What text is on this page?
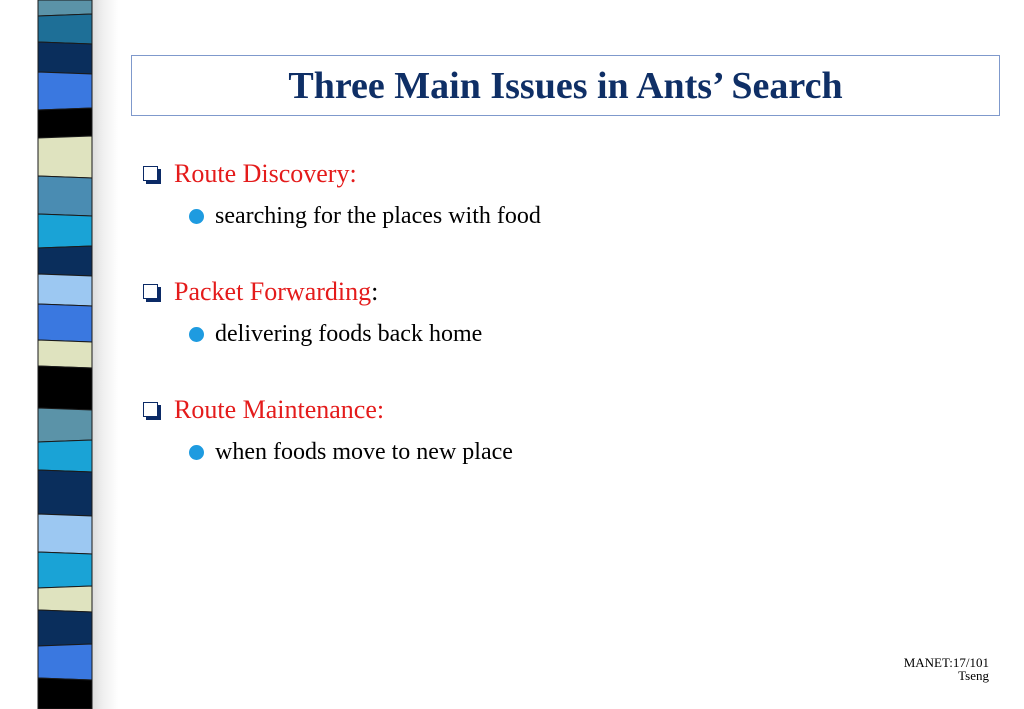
Three Main Issues in Ants’ Search
Route Discovery:
searching for the places with food
Packet Forwarding :
delivering foods back home
Route Maintenance:
when foods move to new place
MANET:17/101
Tseng
